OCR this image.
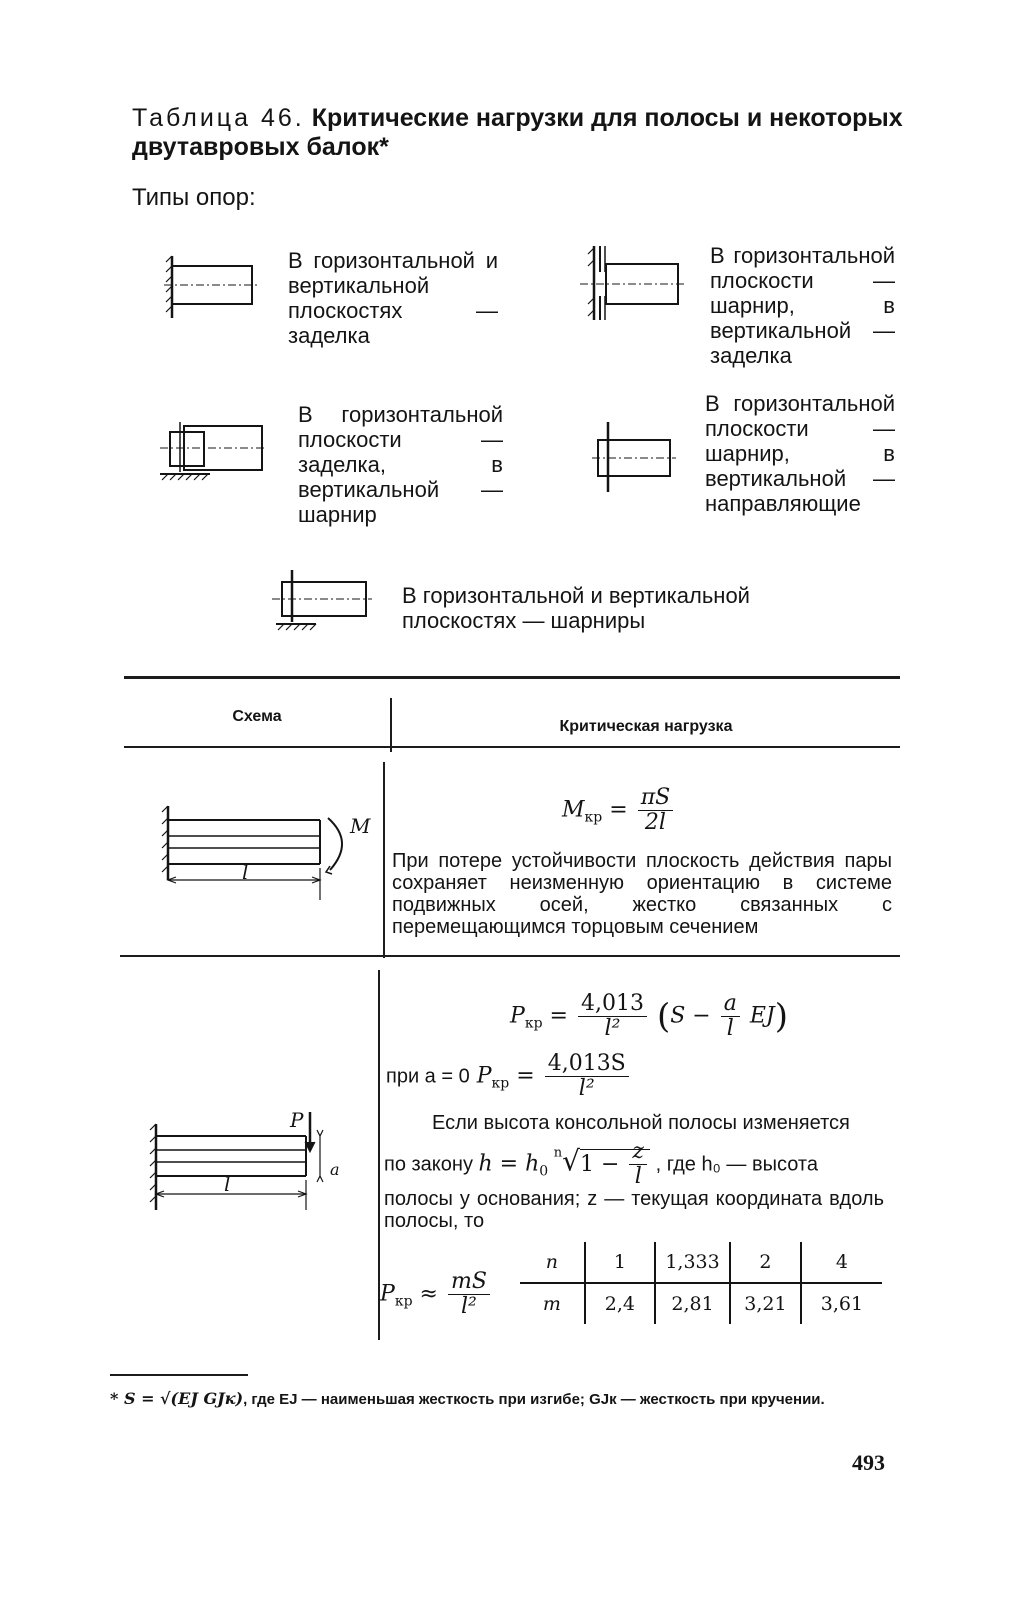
Таблица 46. Критические нагрузки для полосы и некоторых двутавровых балок*
Типы опор:
В горизонтальной и вертикальной плоскостях — заделка
В горизонтальной плоскости — шарнир, в вертикальной — заделка
В горизонтальной плоскости — заделка, в вертикальной — шарнир
В горизонтальной плоскости — шарнир, в вертикальной — направляющие
В горизонтальной и вертикальной плоскостях — шарниры
Схема
Критическая нагрузка
M
l
$M_{кр} = \frac{\pi S}{2l}$
При потере устойчивости плоскость действия пары сохраняет неизменную ориентацию в системе подвижных осей, жестко связанных с перемещающимся торцовым сечением
P
a
l
$P_{кр} = \frac{4,013}{\text{l²}} (S - \frac{a}{l} EJ)$
при a = 0 $P_{кр} = \frac{4,013S}{\text{l²}}$
Если высота консольной полосы изменяется
по закону $h = h_0$ $^n√1 - \frac{z}{l}$ , где h₀ — высота
полосы у основания; z — текущая координата вдоль полосы, то
$P_{кр} \approx \frac{mS}{\text{l²}}$
n	1	1,333	2	4
m	2,4	2,81	3,21	3,61
* S = √(EJ GJк), где EJ — наименьшая жесткость при изгибе; GJк — жесткость при кручении.
493
